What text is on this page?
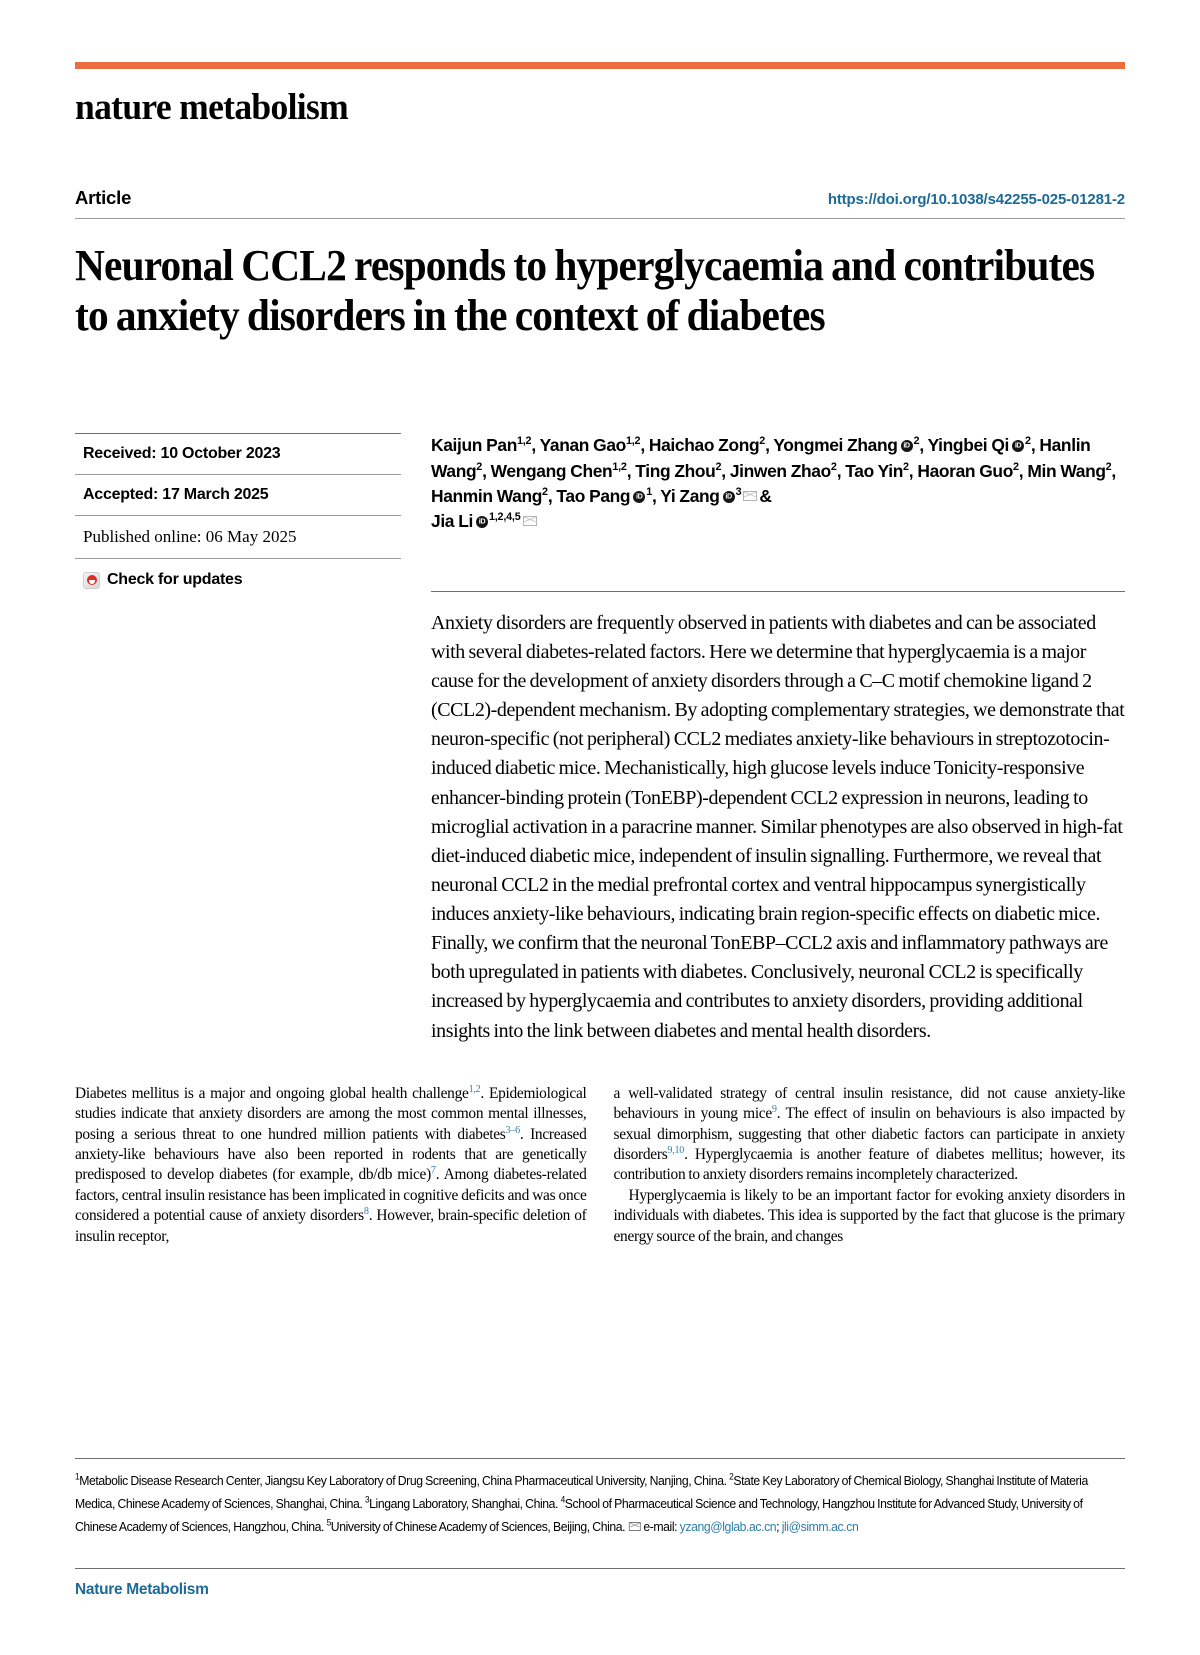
nature metabolism
Article	https://doi.org/10.1038/s42255-025-01281-2
Neuronal CCL2 responds to hyperglycaemia and contributes to anxiety disorders in the context of diabetes
Received: 10 October 2023
Accepted: 17 March 2025
Published online: 06 May 2025
Check for updates
Kaijun Pan$^{1,2}$, Yanan Gao$^{1,2}$, Haichao Zong$^2$, Yongmei Zhang iD $^2$, Yingbei QiiD $^2$, Hanlin Wang$^2$, Wengang Chen$^{1,2}$, Ting Zhou$^2$, Jinwen Zhao$^2$, Tao Yin$^2$, Haoran Guo$^2$, Min Wang$^2$, Hanmin Wang$^2$, Tao Pang iD $^1$, Yi Zang iD $^3$ &
Jia Li iD $^{1,2,4,5}$
Anxiety disorders are frequently observed in patients with diabetes and can be associated with several diabetes-related factors. Here we determine that hyperglycaemia is a major cause for the development of anxiety disorders through a C–C motif chemokine ligand 2 (CCL2)-dependent mechanism. By adopting complementary strategies, we demonstrate that neuron-specific (not peripheral) CCL2 mediates anxiety-like behaviours in streptozotocin-induced diabetic mice. Mechanistically, high glucose levels induce Tonicity-responsive enhancer-binding protein (TonEBP)-dependent CCL2 expression in neurons, leading to microglial activation in a paracrine manner. Similar phenotypes are also observed in high-fat diet-induced diabetic mice, independent of insulin signalling. Furthermore, we reveal that neuronal CCL2 in the medial prefrontal cortex and ventral hippocampus synergistically induces anxiety-like behaviours, indicating brain region-specific effects on diabetic mice. Finally, we confirm that the neuronal TonEBP–CCL2 axis and inflammatory pathways are both upregulated in patients with diabetes. Conclusively, neuronal CCL2 is specifically increased by hyperglycaemia and contributes to anxiety disorders, providing additional insights into the link between diabetes and mental health disorders.

Diabetes mellitus is a major and ongoing global health challenge$^{1,2}$. Epidemiological studies indicate that anxiety disorders are among the most common mental illnesses, posing a serious threat to one hundred million patients with diabetes$^{3-6}$. Increased anxiety-like behaviours have also been reported in rodents that are genetically predisposed to develop diabetes (for example, db/db mice)$^7$. Among diabetes-related factors, central insulin resistance has been implicated in cognitive deficits and was once considered a potential cause of anxiety disorders$^8$. However, brain-specific deletion of insulin receptor,

a well-validated strategy of central insulin resistance, did not cause anxiety-like behaviours in young mice$^9$. The effect of insulin on behaviours is also impacted by sexual dimorphism, suggesting that other diabetic factors can participate in anxiety disorders$^{9,10}$. Hyperglycaemia is another feature of diabetes mellitus; however, its contribution to anxiety disorders remains incompletely characterized.

Hyperglycaemia is likely to be an important factor for evoking anxiety disorders in individuals with diabetes. This idea is supported by the fact that glucose is the primary energy source of the brain, and changes

$^1$Metabolic Disease Research Center, Jiangsu Key Laboratory of Drug Screening, China Pharmaceutical University, Nanjing, China. $^2$State Key Laboratory of Chemical Biology, Shanghai Institute of Materia Medica, Chinese Academy of Sciences, Shanghai, China. $^3$Lingang Laboratory, Shanghai, China. $^4$School of Pharmaceutical Science and Technology, Hangzhou Institute for Advanced Study, University of Chinese Academy of Sciences, Hangzhou, China. $^5$University of Chinese Academy of Sciences, Beijing, China. e-mail: yzang@lglab.ac.cn; jli@simm.ac.cn
Nature Metabolism
